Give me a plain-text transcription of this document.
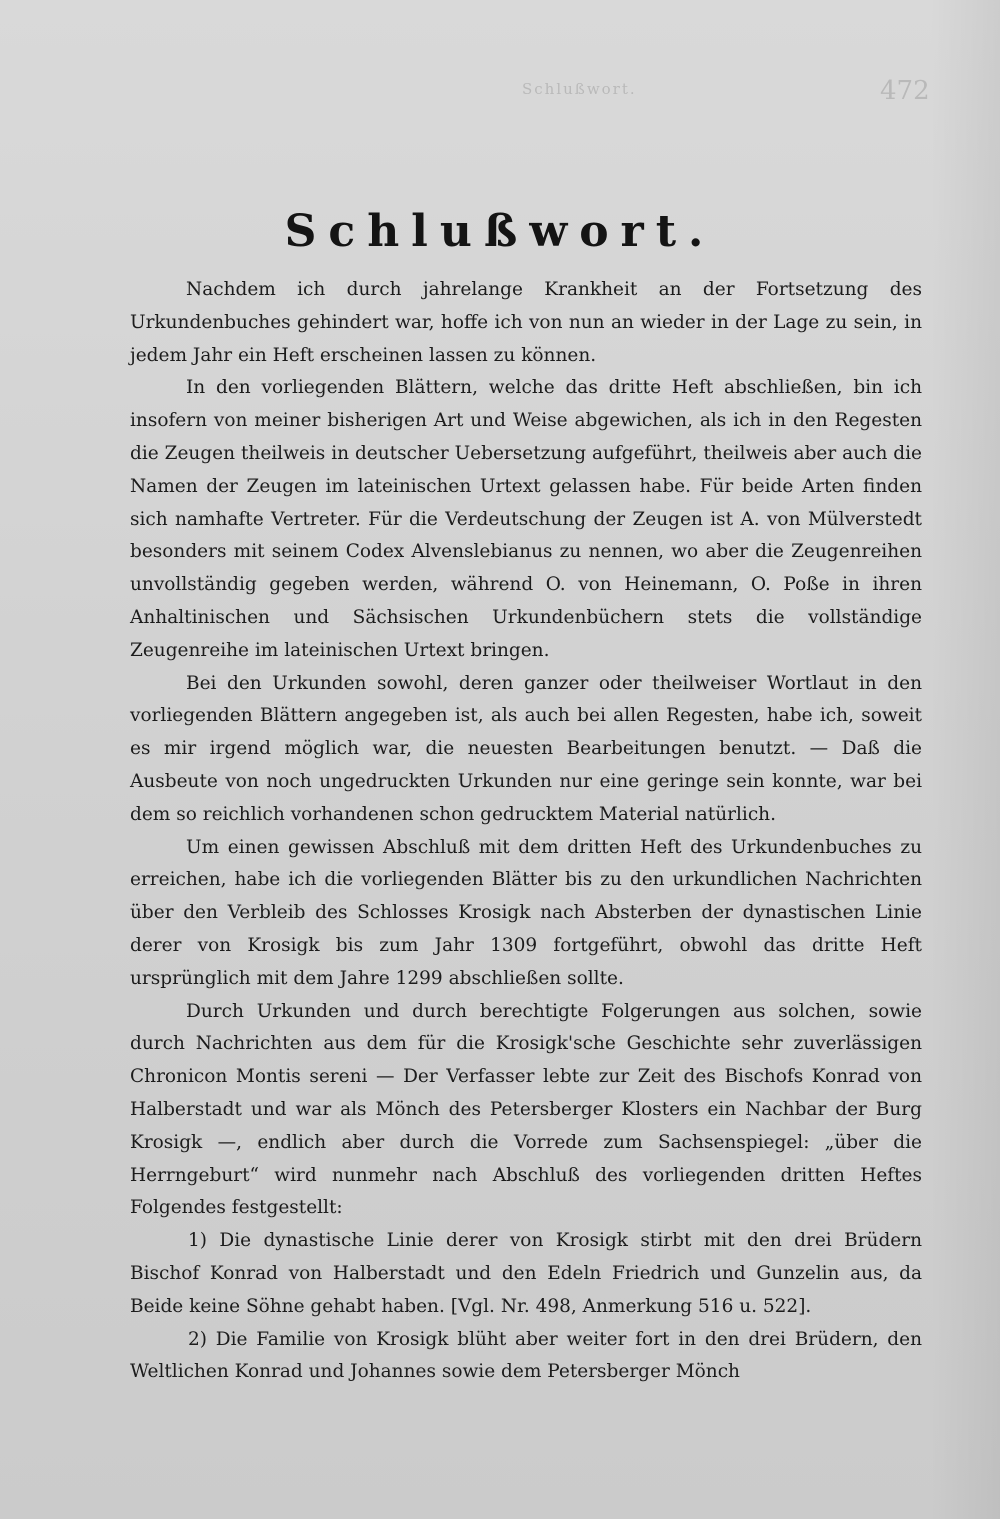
Schlußwort.	472
Schlußwort.

Nachdem ich durch jahrelange Krankheit an der Fortsetzung des Urkundenbuches gehindert war, hoffe ich von nun an wieder in der Lage zu sein, in jedem Jahr ein Heft erscheinen lassen zu können.

In den vorliegenden Blättern, welche das dritte Heft abschließen, bin ich insofern von meiner bisherigen Art und Weise abgewichen, als ich in den Regesten die Zeugen theilweis in deutscher Uebersetzung aufgeführt, theilweis aber auch die Namen der Zeugen im lateinischen Urtext gelassen habe. Für beide Arten finden sich namhafte Vertreter. Für die Verdeutschung der Zeugen ist A. von Mülverstedt besonders mit seinem Codex Alvenslebianus zu nennen, wo aber die Zeugenreihen unvollständig gegeben werden, während O. von Heinemann, O. Poße in ihren Anhaltinischen und Sächsischen Urkundenbüchern stets die vollständige Zeugenreihe im lateinischen Urtext bringen.

Bei den Urkunden sowohl, deren ganzer oder theilweiser Wortlaut in den vorliegenden Blättern angegeben ist, als auch bei allen Regesten, habe ich, soweit es mir irgend möglich war, die neuesten Bearbeitungen benutzt. — Daß die Ausbeute von noch ungedruckten Urkunden nur eine geringe sein konnte, war bei dem so reichlich vorhandenen schon gedrucktem Material natürlich.

Um einen gewissen Abschluß mit dem dritten Heft des Urkundenbuches zu erreichen, habe ich die vorliegenden Blätter bis zu den urkundlichen Nachrichten über den Verbleib des Schlosses Krosigk nach Absterben der dynastischen Linie derer von Krosigk bis zum Jahr 1309 fortgeführt, obwohl das dritte Heft ursprünglich mit dem Jahre 1299 abschließen sollte.

Durch Urkunden und durch berechtigte Folgerungen aus solchen, sowie durch Nachrichten aus dem für die Krosigk'sche Geschichte sehr zuverlässigen Chronicon Montis sereni — Der Verfasser lebte zur Zeit des Bischofs Konrad von Halberstadt und war als Mönch des Petersberger Klosters ein Nachbar der Burg Krosigk —, endlich aber durch die Vorrede zum Sachsenspiegel: „über die Herrngeburt“ wird nunmehr nach Abschluß des vorliegenden dritten Heftes Folgendes festgestellt:

1) Die dynastische Linie derer von Krosigk stirbt mit den drei Brüdern Bischof Konrad von Halberstadt und den Edeln Friedrich und Gunzelin aus, da Beide keine Söhne gehabt haben. [Vgl. Nr. 498, Anmerkung 516 u. 522].

2) Die Familie von Krosigk blüht aber weiter fort in den drei Brüdern, den Weltlichen Konrad und Johannes sowie dem Petersberger Mönch
